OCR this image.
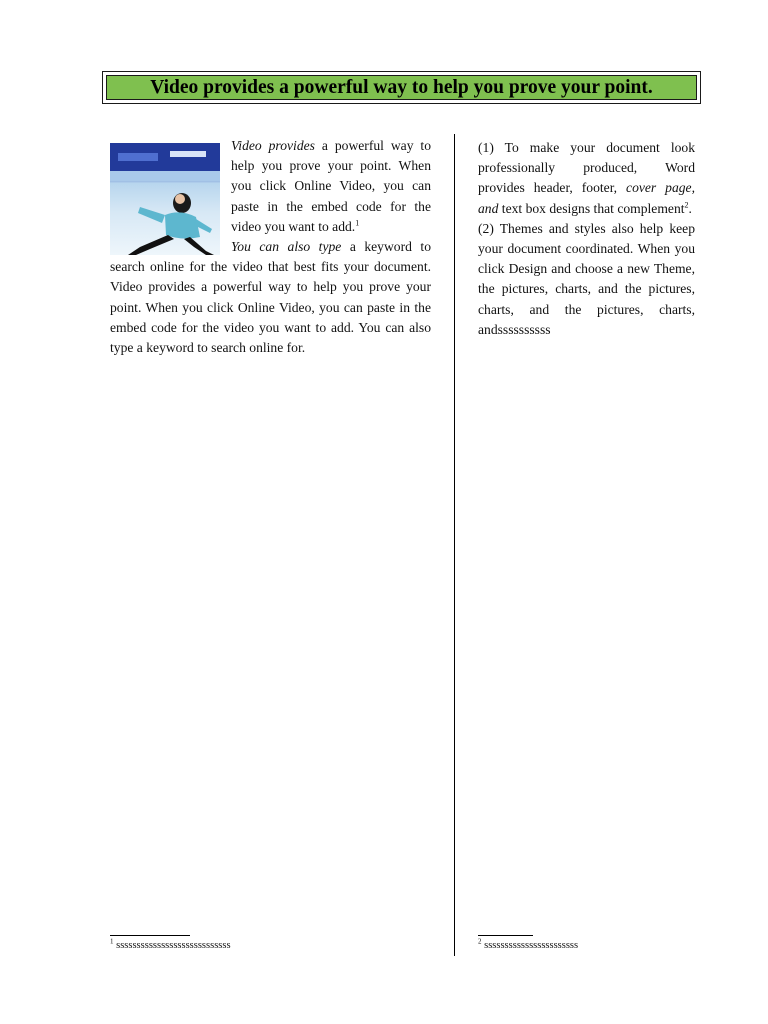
Video provides a powerful way to help you prove your point.
Video provides a powerful way to help you prove your point. When you click Online Video, you can paste in the embed code for the video you want to add.$^1$
You can also type a keyword to search online for the video that best fits your document. Video provides a powerful way to help you prove your point. When you click Online Video, you can paste in the embed code for the video you want to add. You can also type a keyword to search online for.

(1) To make your document look professionally produced, Word provides header, footer, cover page, and text box designs that complement$^2$.

(2) Themes and styles also help keep your document coordinated. When you click Design and choose a new Theme, the pictures, charts, and the pictures, charts, and the pictures, charts, andssssssssss

$^1$ ssssssssssssssssssssssssssss	$^2$ sssssssssssssssssssssss
